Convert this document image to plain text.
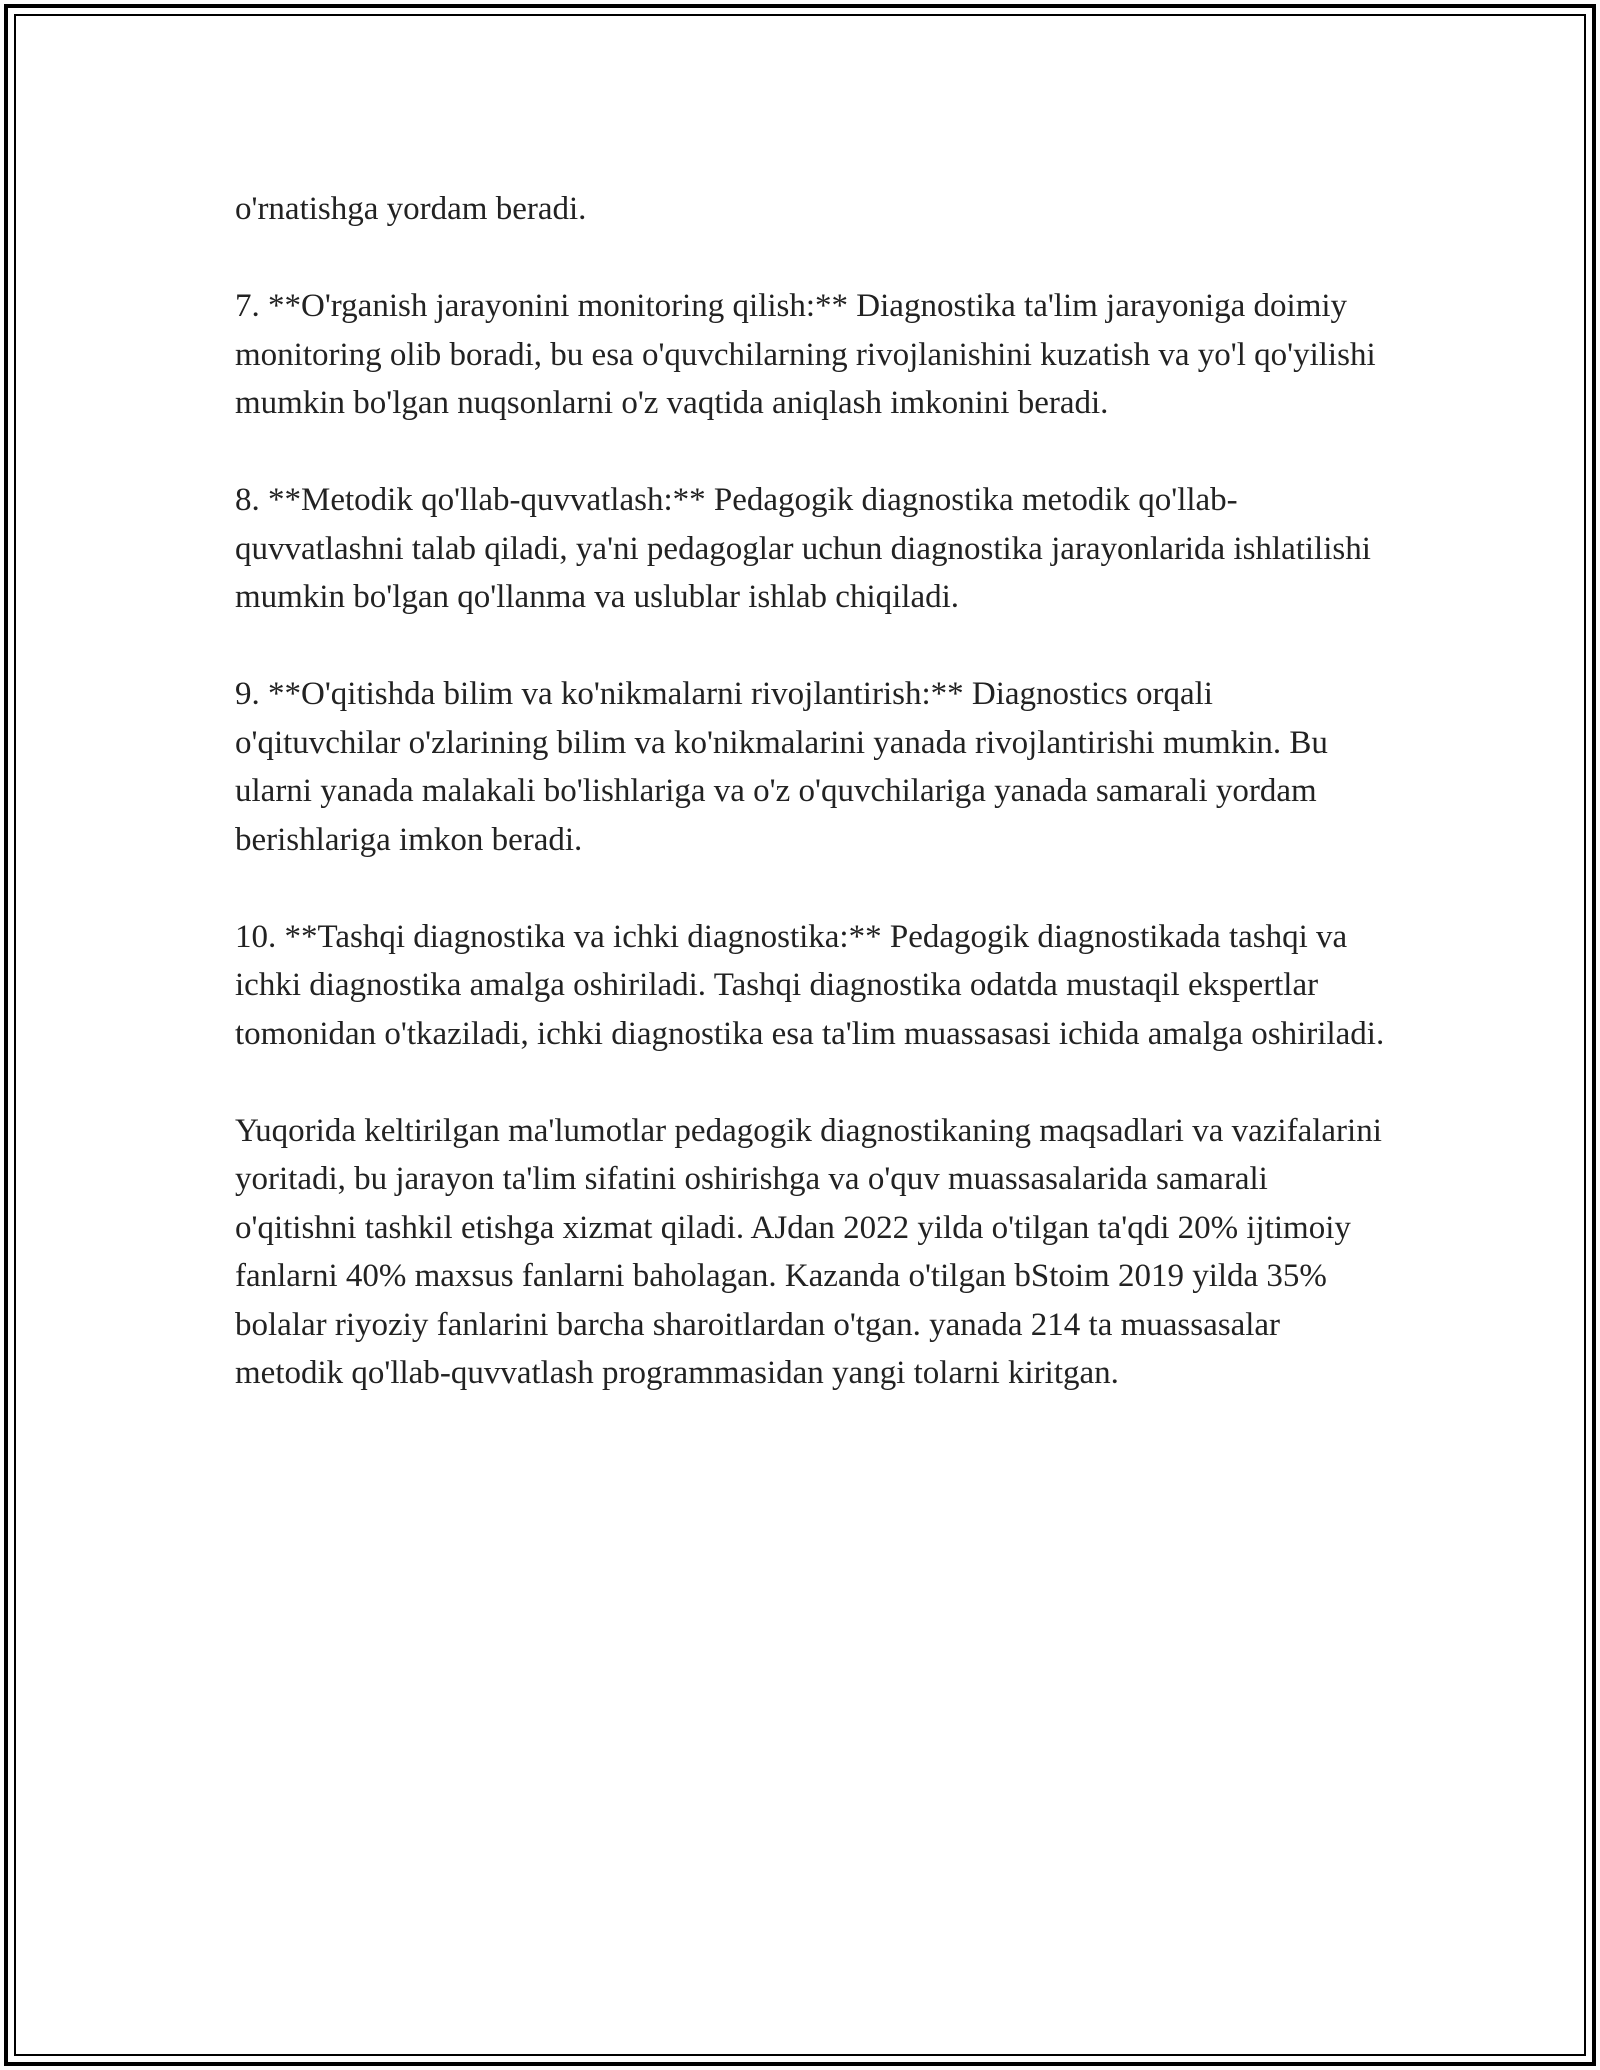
o'rnatishga yordam beradi.

7. **O'rganish jarayonini monitoring qilish:** Diagnostika ta'lim jarayoniga doimiy monitoring olib boradi, bu esa o'quvchilarning rivojlanishini kuzatish va yo'l qo'yilishi mumkin bo'lgan nuqsonlarni o'z vaqtida aniqlash imkonini beradi.

8. **Metodik qo'llab-quvvatlash:** Pedagogik diagnostika metodik qo'llab-quvvatlashni talab qiladi, ya'ni pedagoglar uchun diagnostika jarayonlarida ishlatilishi mumkin bo'lgan qo'llanma va uslublar ishlab chiqiladi.

9. **O'qitishda bilim va ko'nikmalarni rivojlantirish:** Diagnostics orqali o'qituvchilar o'zlarining bilim va ko'nikmalarini yanada rivojlantirishi mumkin. Bu ularni yanada malakali bo'lishlariga va o'z o'quvchilariga yanada samarali yordam berishlariga imkon beradi.

10. **Tashqi diagnostika va ichki diagnostika:** Pedagogik diagnostikada tashqi va ichki diagnostika amalga oshiriladi. Tashqi diagnostika odatda mustaqil ekspertlar tomonidan o'tkaziladi, ichki diagnostika esa ta'lim muassasasi ichida amalga oshiriladi.

Yuqorida keltirilgan ma'lumotlar pedagogik diagnostikaning maqsadlari va vazifalarini yoritadi, bu jarayon ta'lim sifatini oshirishga va o'quv muassasalarida samarali o'qitishni tashkil etishga xizmat qiladi. AJdan 2022 yilda o'tilgan ta'qdi 20% ijtimoiy fanlarni 40% maxsus fanlarni baholagan. Kazanda o'tilgan bStoim 2019 yilda 35% bolalar riyoziy fanlarini barcha sharoitlardan o'tgan. yanada 214 ta muassasalar metodik qo'llab-quvvatlash programmasidan yangi tolarni kiritgan.
